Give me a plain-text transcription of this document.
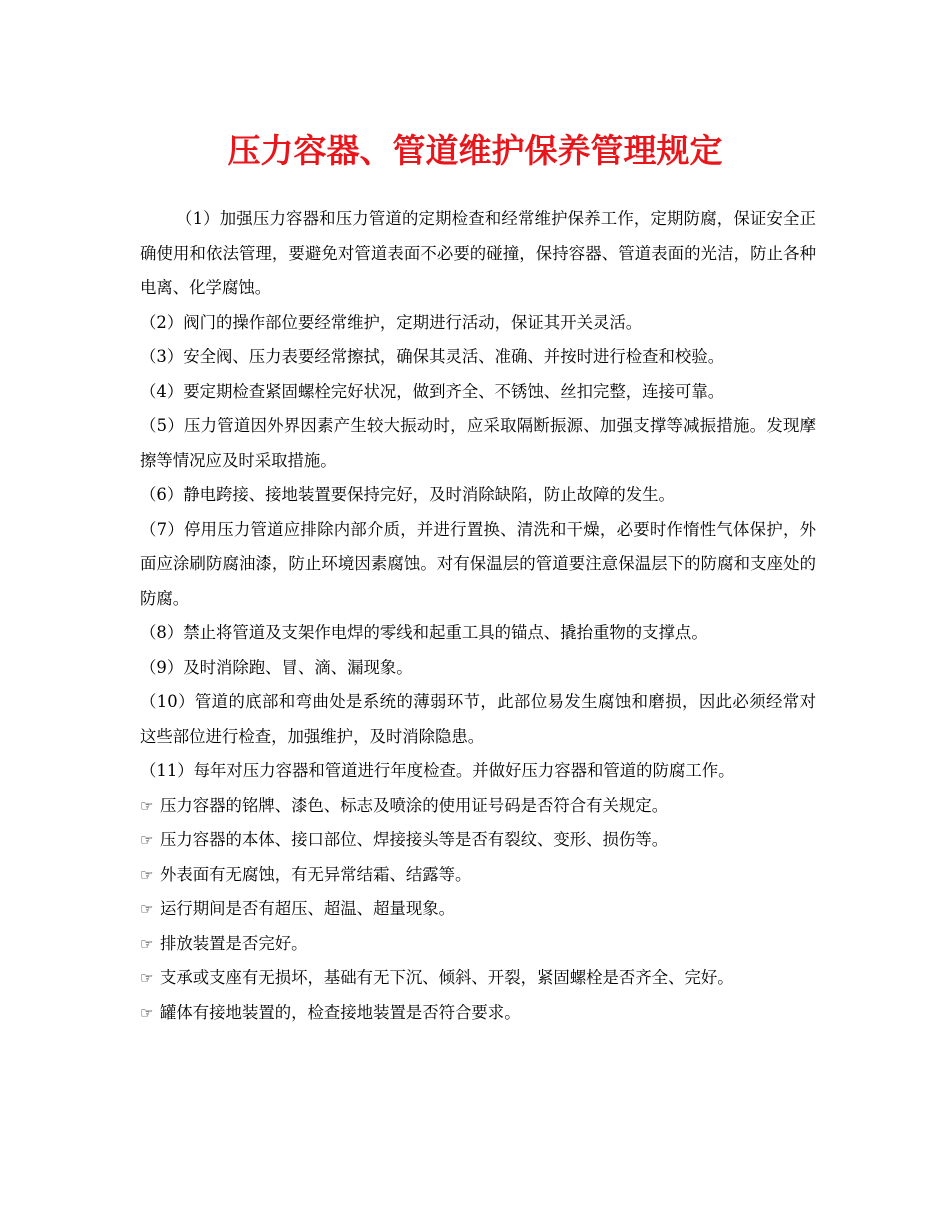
压力容器、管道维护保养管理规定

（1）加强压力容器和压力管道的定期检查和经常维护保养工作，定期防腐，保证安全正确使用和依法管理，要避免对管道表面不必要的碰撞，保持容器、管道表面的光洁，防止各种电离、化学腐蚀。

（2）阀门的操作部位要经常维护，定期进行活动，保证其开关灵活。

（3）安全阀、压力表要经常擦拭，确保其灵活、准确、并按时进行检查和校验。

（4）要定期检查紧固螺栓完好状况，做到齐全、不锈蚀、丝扣完整，连接可靠。

（5）压力管道因外界因素产生较大振动时，应采取隔断振源、加强支撑等减振措施。发现摩擦等情况应及时采取措施。

（6）静电跨接、接地装置要保持完好，及时消除缺陷，防止故障的发生。

（7）停用压力管道应排除内部介质，并进行置换、清洗和干燥，必要时作惰性气体保护，外面应涂刷防腐油漆，防止环境因素腐蚀。对有保温层的管道要注意保温层下的防腐和支座处的防腐。

（8）禁止将管道及支架作电焊的零线和起重工具的锚点、撬抬重物的支撑点。

（9）及时消除跑、冒、滴、漏现象。

（10）管道的底部和弯曲处是系统的薄弱环节，此部位易发生腐蚀和磨损，因此必须经常对这些部位进行检查，加强维护，及时消除隐患。

（11）每年对压力容器和管道进行年度检查。并做好压力容器和管道的防腐工作。

☞ 压力容器的铭牌、漆色、标志及喷涂的使用证号码是否符合有关规定。
☞ 压力容器的本体、接口部位、焊接接头等是否有裂纹、变形、损伤等。
☞ 外表面有无腐蚀，有无异常结霜、结露等。
☞ 运行期间是否有超压、超温、超量现象。
☞ 排放装置是否完好。
☞ 支承或支座有无损坏，基础有无下沉、倾斜、开裂，紧固螺栓是否齐全、完好。
☞ 罐体有接地装置的，检查接地装置是否符合要求。
